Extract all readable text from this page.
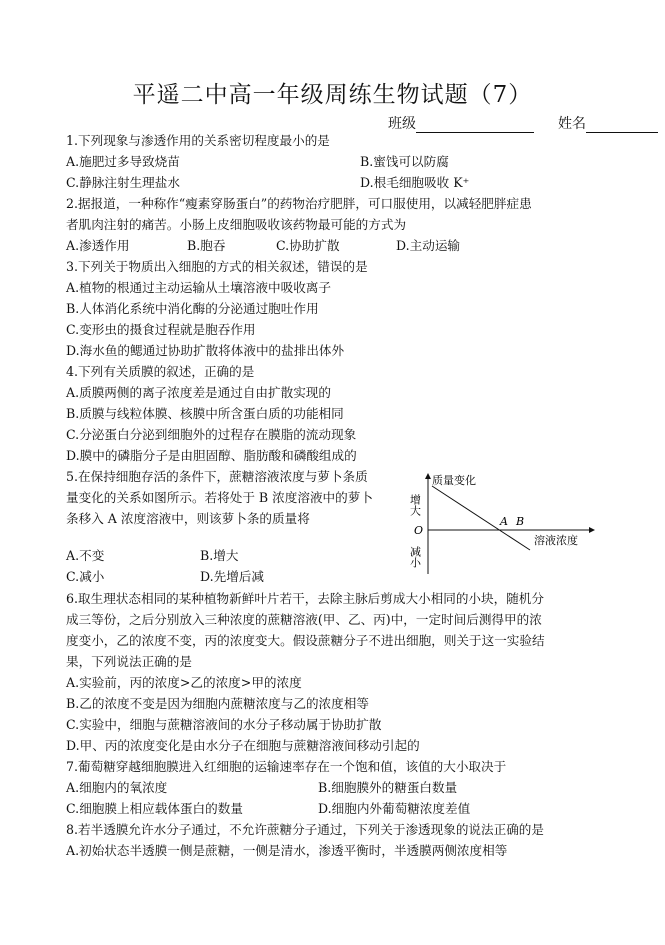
平遥二中高一年级周练生物试题（7）
班级	姓名
1.下列现象与渗透作用的关系密切程度最小的是
A.施肥过多导致烧苗	B.蜜饯可以防腐
C.静脉注射生理盐水	D.根毛细胞吸收 K⁺
2.据报道，一种称作“瘦素穿肠蛋白”的药物治疗肥胖，可口服使用，以减轻肥胖症患
者肌肉注射的痛苦。小肠上皮细胞吸收该药物最可能的方式为
A.渗透作用	B.胞吞	C.协助扩散	D.主动运输
3.下列关于物质出入细胞的方式的相关叙述，错误的是
A.植物的根通过主动运输从土壤溶液中吸收离子
B.人体消化系统中消化酶的分泌通过胞吐作用
C.变形虫的摄食过程就是胞吞作用
D.海水鱼的鳃通过协助扩散将体液中的盐排出体外
4.下列有关质膜的叙述，正确的是
A.质膜两侧的离子浓度差是通过自由扩散实现的
B.质膜与线粒体膜、核膜中所含蛋白质的功能相同
C.分泌蛋白分泌到细胞外的过程存在膜脂的流动现象
D.膜中的磷脂分子是由胆固醇、脂肪酸和磷酸组成的
5.在保持细胞存活的条件下，蔗糖溶液浓度与萝卜条质
量变化的关系如图所示。若将处于 B 浓度溶液中的萝卜
条移入 A 浓度溶液中，则该萝卜条的质量将
质量变化
增大
减小
O
A B
溶液浓度
A.不变	B.增大
C.减小	D.先增后减
6.取生理状态相同的某种植物新鲜叶片若干，去除主脉后剪成大小相同的小块，随机分
成三等份，之后分别放入三种浓度的蔗糖溶液(甲、乙、丙)中，一定时间后测得甲的浓
度变小，乙的浓度不变，丙的浓度变大。假设蔗糖分子不进出细胞，则关于这一实验结
果，下列说法正确的是
A.实验前，丙的浓度>乙的浓度>甲的浓度
B.乙的浓度不变是因为细胞内蔗糖浓度与乙的浓度相等
C.实验中，细胞与蔗糖溶液间的水分子移动属于协助扩散
D.甲、丙的浓度变化是由水分子在细胞与蔗糖溶液间移动引起的
7.葡萄糖穿越细胞膜进入红细胞的运输速率存在一个饱和值，该值的大小取决于
A.细胞内的氧浓度	B.细胞膜外的糖蛋白数量
C.细胞膜上相应载体蛋白的数量	D.细胞内外葡萄糖浓度差值
8.若半透膜允许水分子通过，不允许蔗糖分子通过，下列关于渗透现象的说法正确的是
A.初始状态半透膜一侧是蔗糖，一侧是清水，渗透平衡时，半透膜两侧浓度相等
